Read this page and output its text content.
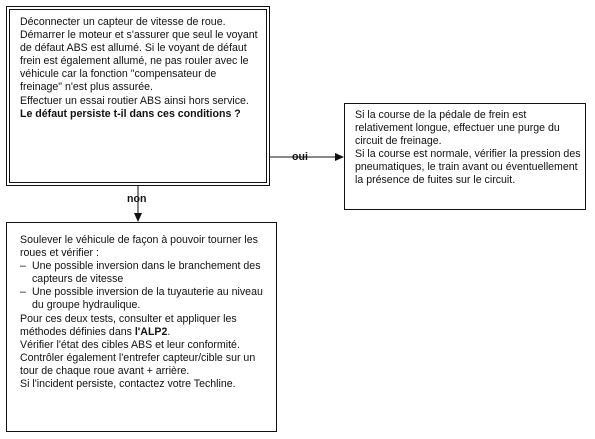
Déconnecter un capteur de vitesse de roue.

Démarrer le moteur et s'assurer que seul le voyant de défaut ABS est allumé. Si le voyant de défaut frein est également allumé, ne pas rouler avec le véhicule car la fonction "compensateur de freinage" n'est plus assurée.

Effectuer un essai routier ABS ainsi hors service.

Le défaut persiste t-il dans ces conditions ?

oui

Si la course de la pédale de frein est relativement longue, effectuer une purge du circuit de freinage.

Si la course est normale, vérifier la pression des pneumatiques, le train avant ou éventuellement la présence de fuites sur le circuit.

non

Soulever le véhicule de façon à pouvoir tourner les roues et vérifier :

– Une possible inversion dans le branchement des capteurs de vitesse
– Une possible inversion de la tuyauterie au niveau du groupe hydraulique.

Pour ces deux tests, consulter et appliquer les méthodes définies dans l'ALP2.

Vérifier l'état des cibles ABS et leur conformité.

Contrôler également l'entrefer capteur/cible sur un tour de chaque roue avant + arrière.

Si l'incident persiste, contactez votre Techline.
